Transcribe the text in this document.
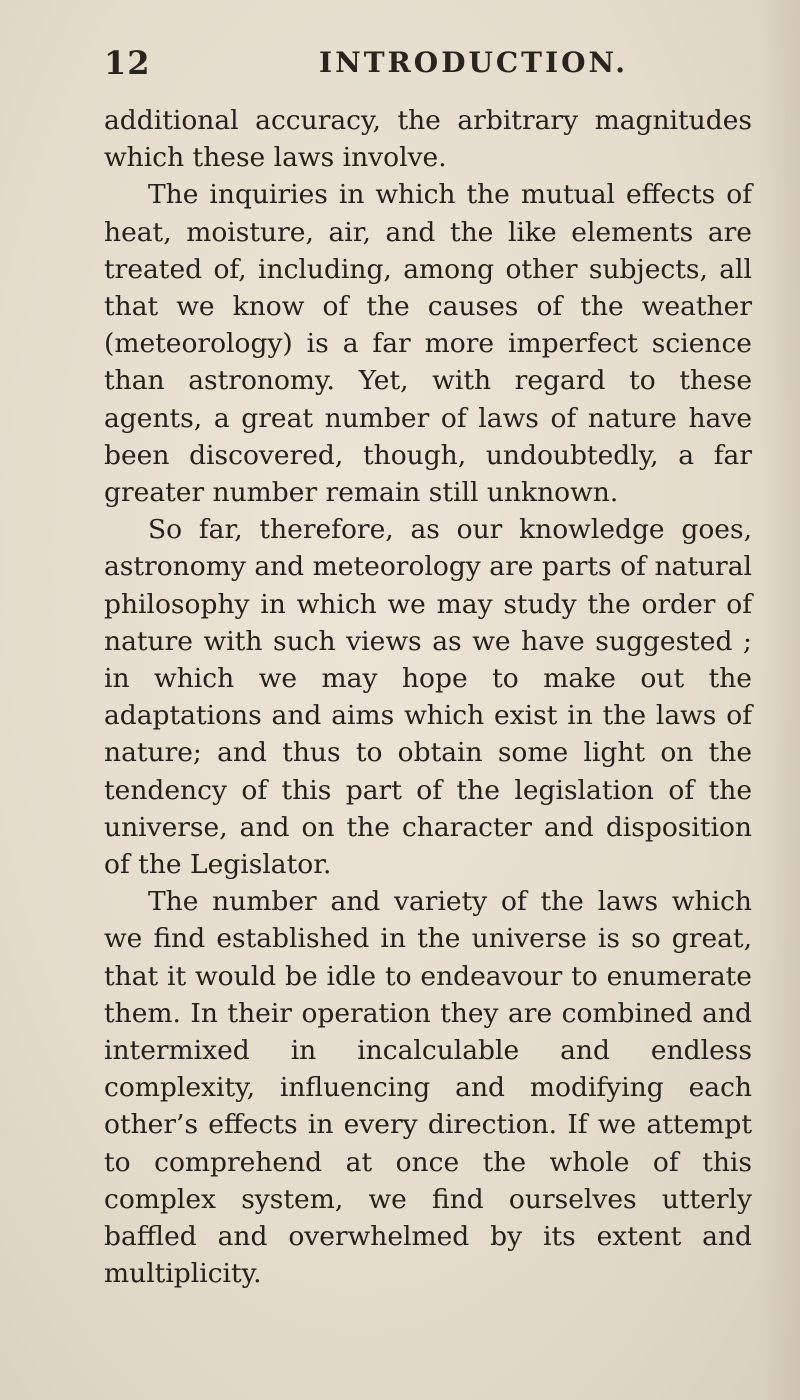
12	INTRODUCTION.

additional accuracy, the arbitrary magnitudes which these laws involve.

The inquiries in which the mutual effects of heat, moisture, air, and the like elements are treated of, including, among other subjects, all that we know of the causes of the weather (meteorology) is a far more imperfect science than astronomy. Yet, with regard to these agents, a great number of laws of nature have been discovered, though, undoubtedly, a far greater number remain still unknown.

So far, therefore, as our knowledge goes, astronomy and meteorology are parts of natural philosophy in which we may study the order of nature with such views as we have suggested ; in which we may hope to make out the adaptations and aims which exist in the laws of nature; and thus to obtain some light on the tendency of this part of the legislation of the universe, and on the character and disposition of the Legislator.

The number and variety of the laws which we find established in the universe is so great, that it would be idle to endeavour to enumerate them. In their operation they are combined and intermixed in incalculable and endless complexity, influencing and modifying each other’s effects in every direction. If we attempt to comprehend at once the whole of this complex system, we find ourselves utterly baffled and overwhelmed by its extent and multiplicity.
